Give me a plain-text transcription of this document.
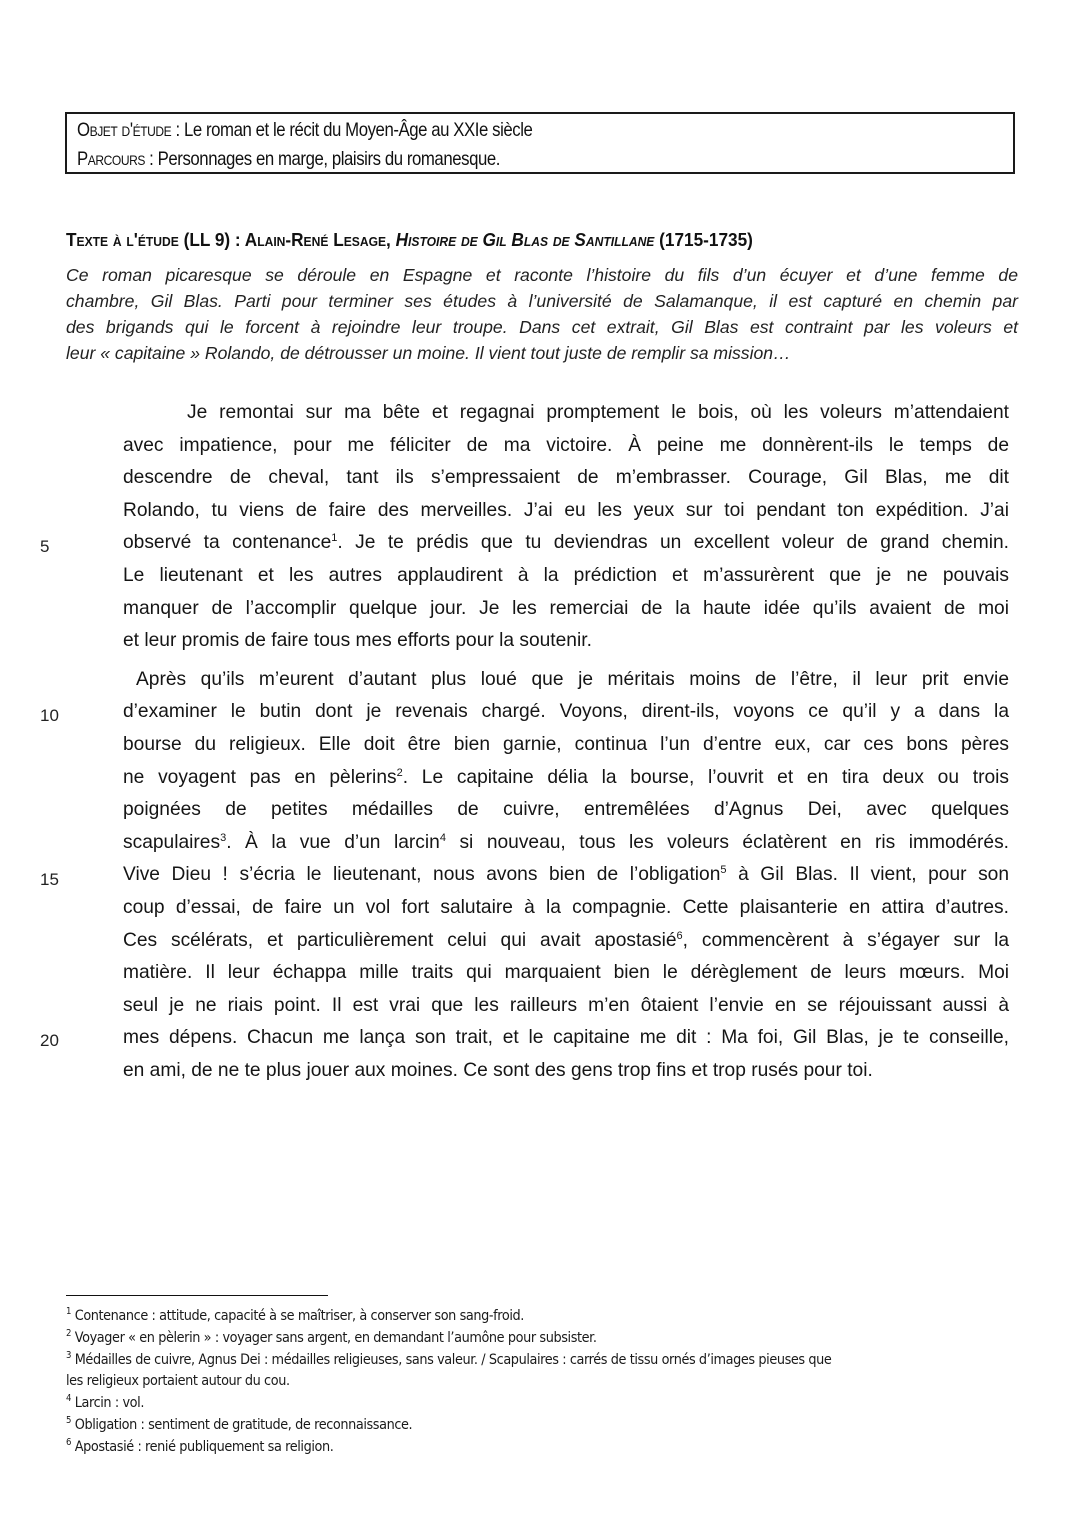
Objet d'étude : Le roman et le récit du Moyen-Âge au XXIe siècle
Parcours : Personnages en marge, plaisirs du romanesque.
Texte à l'étude (LL 9) : Alain-René Lesage, Histoire de Gil Blas de Santillane (1715-1735)
Ce roman picaresque se déroule en Espagne et raconte l’histoire du fils d’un écuyer et d’une femme de
chambre, Gil Blas. Parti pour terminer ses études à l’université de Salamanque, il est capturé en chemin par
des brigands qui le forcent à rejoindre leur troupe. Dans cet extrait, Gil Blas est contraint par les voleurs et
leur « capitaine » Rolando, de détrousser un moine. Il vient tout juste de remplir sa mission…
5
10
15
20
Je remontai sur ma bête et regagnai promptement le bois, où les voleurs m’attendaient
avec impatience, pour me féliciter de ma victoire. À peine me donnèrent-ils le temps de
descendre de cheval, tant ils s’empressaient de m’embrasser. Courage, Gil Blas, me dit
Rolando, tu viens de faire des merveilles. J’ai eu les yeux sur toi pendant ton expédition. J’ai
observé ta contenance$^1$. Je te prédis que tu deviendras un excellent voleur de grand chemin.
Le lieutenant et les autres applaudirent à la prédiction et m’assurèrent que je ne pouvais
manquer de l’accomplir quelque jour. Je les remerciai de la haute idée qu’ils avaient de moi
et leur promis de faire tous mes efforts pour la soutenir.
Après qu’ils m’eurent d’autant plus loué que je méritais moins de l’être, il leur prit envie
d’examiner le butin dont je revenais chargé. Voyons, dirent-ils, voyons ce qu’il y a dans la
bourse du religieux. Elle doit être bien garnie, continua l’un d’entre eux, car ces bons pères
ne voyagent pas en pèlerins$^2$. Le capitaine délia la bourse, l’ouvrit et en tira deux ou trois
poignées de petites médailles de cuivre, entremêlées d’Agnus Dei, avec quelques
scapulaires$^3$. À la vue d’un larcin$^4$ si nouveau, tous les voleurs éclatèrent en ris immodérés.
Vive Dieu ! s’écria le lieutenant, nous avons bien de l’obligation$^5$ à Gil Blas. Il vient, pour son
coup d’essai, de faire un vol fort salutaire à la compagnie. Cette plaisanterie en attira d’autres.
Ces scélérats, et particulièrement celui qui avait apostasié$^6$, commencèrent à s’égayer sur la
matière. Il leur échappa mille traits qui marquaient bien le dérèglement de leurs mœurs. Moi
seul je ne riais point. Il est vrai que les railleurs m’en ôtaient l’envie en se réjouissant aussi à
mes dépens. Chacun me lança son trait, et le capitaine me dit : Ma foi, Gil Blas, je te conseille,
en ami, de ne te plus jouer aux moines. Ce sont des gens trop fins et trop rusés pour toi.
$^1$ Contenance : attitude, capacité à se maîtriser, à conserver son sang-froid.
$^2$ Voyager « en pèlerin » : voyager sans argent, en demandant l’aumône pour subsister.
$^3$ Médailles de cuivre, Agnus Dei : médailles religieuses, sans valeur. / Scapulaires : carrés de tissu ornés d’images pieuses que
les religieux portaient autour du cou.
$^4$ Larcin : vol.
$^5$ Obligation : sentiment de gratitude, de reconnaissance.
$^6$ Apostasié : renié publiquement sa religion.
